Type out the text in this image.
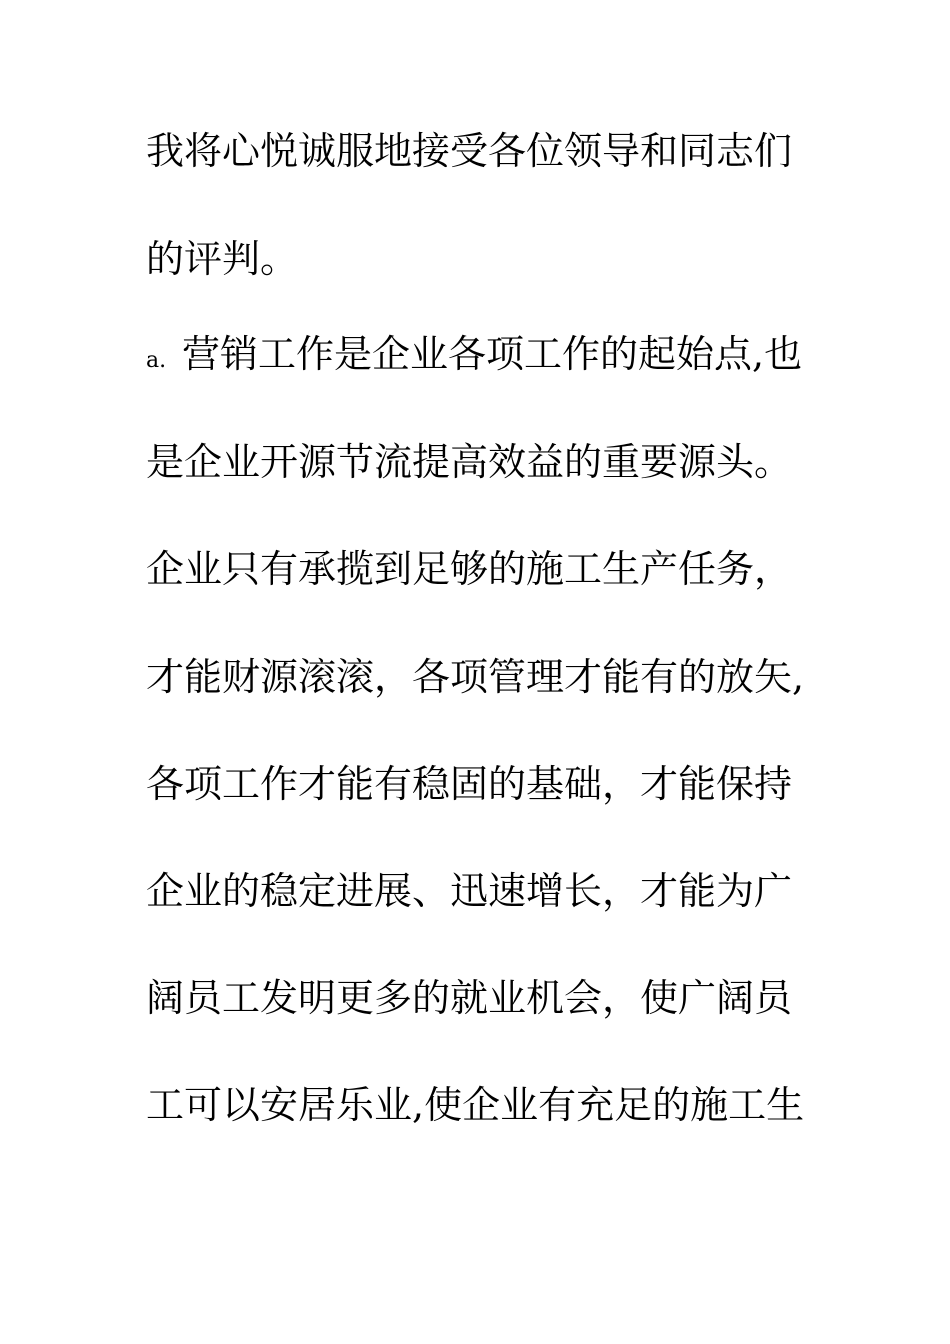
我将心悦诚服地接受各位领导和同志们
的评判。
a. 营销工作是企业各项工作的起始点,也
是企业开源节流提高效益的重要源头。
企业只有承揽到足够的施工生产任务，
才能财源滚滚，各项管理才能有的放矢,
各项工作才能有稳固的基础，才能保持
企业的稳定进展、迅速增长，才能为广
阔员工发明更多的就业机会，使广阔员
工可以安居乐业,使企业有充足的施工生
